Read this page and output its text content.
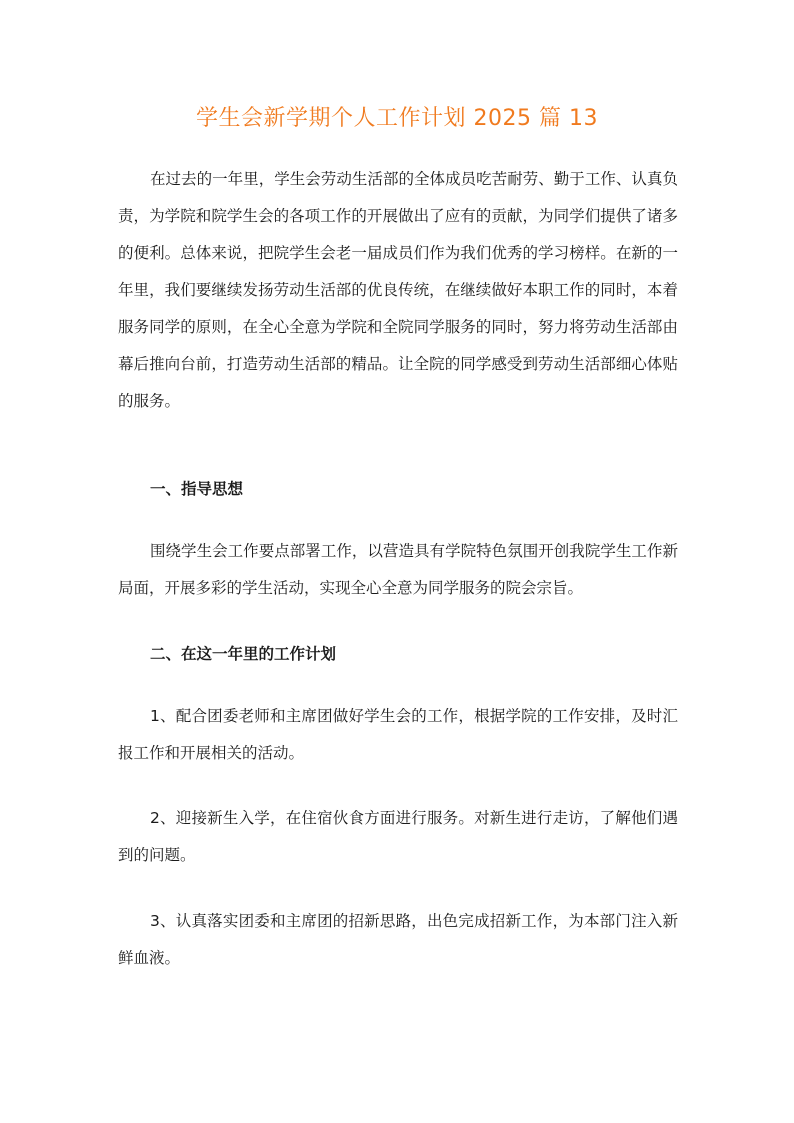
学生会新学期个人工作计划 2025 篇 13

在过去的一年里，学生会劳动生活部的全体成员吃苦耐劳、勤于工作、认真负责，为学院和院学生会的各项工作的开展做出了应有的贡献，为同学们提供了诸多的便利。总体来说，把院学生会老一届成员们作为我们优秀的学习榜样。在新的一年里，我们要继续发扬劳动生活部的优良传统，在继续做好本职工作的同时，本着服务同学的原则，在全心全意为学院和全院同学服务的同时，努力将劳动生活部由幕后推向台前，打造劳动生活部的精品。让全院的同学感受到劳动生活部细心体贴的服务。

一、指导思想

围绕学生会工作要点部署工作，以营造具有学院特色氛围开创我院学生工作新局面，开展多彩的学生活动，实现全心全意为同学服务的院会宗旨。

二、在这一年里的工作计划

1、配合团委老师和主席团做好学生会的工作，根据学院的工作安排，及时汇报工作和开展相关的活动。

2、迎接新生入学，在住宿伙食方面进行服务。对新生进行走访，了解他们遇到的问题。

3、认真落实团委和主席团的招新思路，出色完成招新工作，为本部门注入新鲜血液。
